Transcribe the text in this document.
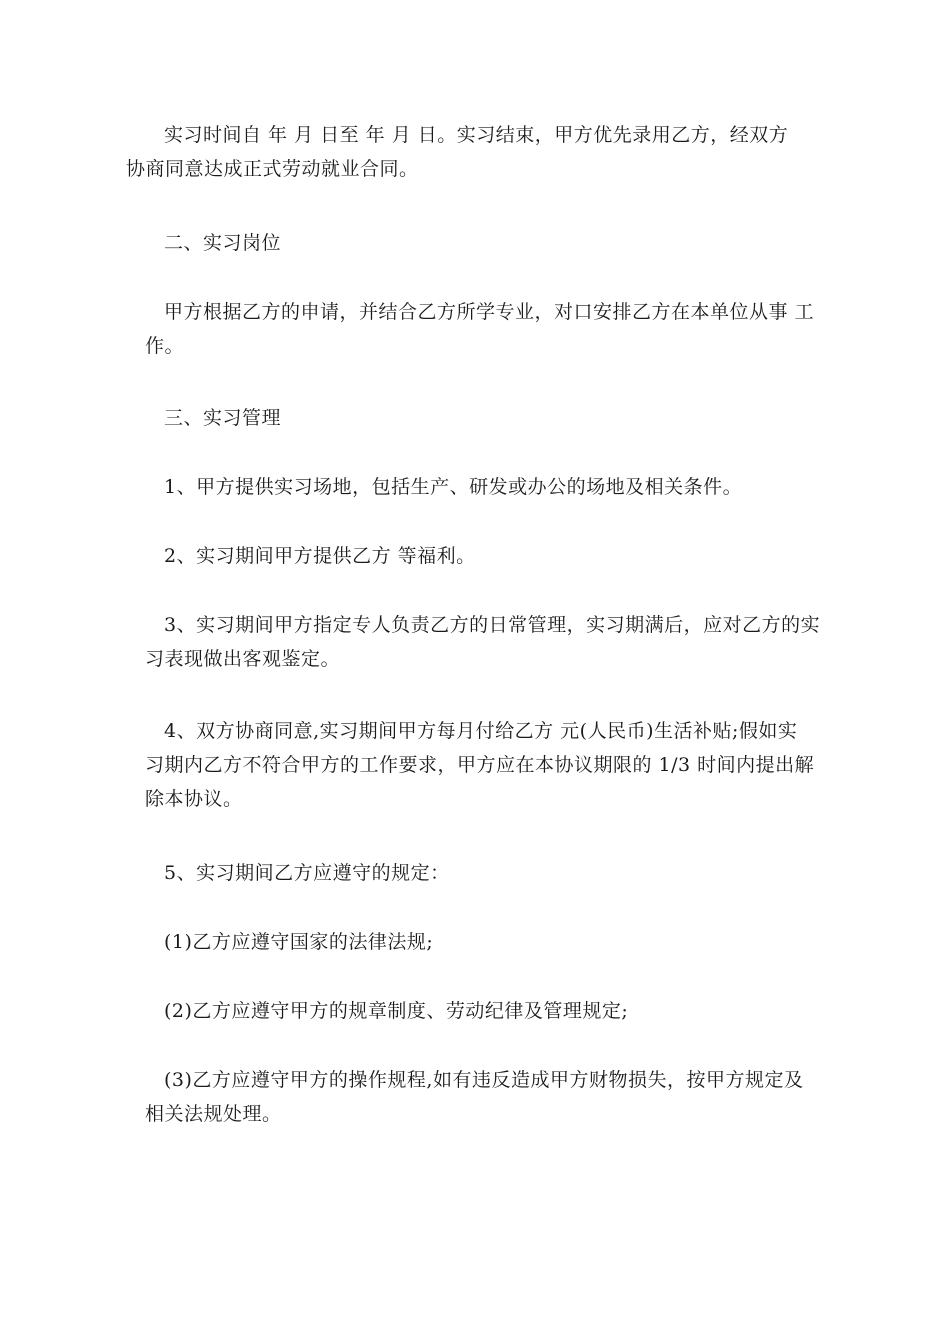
实习时间自 年 月 日至 年 月 日。实习结束，甲方优先录用乙方，经双方
协商同意达成正式劳动就业合同。

二、实习岗位

甲方根据乙方的申请，并结合乙方所学专业，对口安排乙方在本单位从事 工
作。

三、实习管理

1、甲方提供实习场地，包括生产、研发或办公的场地及相关条件。

2、实习期间甲方提供乙方 等福利。

3、实习期间甲方指定专人负责乙方的日常管理，实习期满后，应对乙方的实
习表现做出客观鉴定。

4、双方协商同意,实习期间甲方每月付给乙方 元(人民币)生活补贴;假如实
习期内乙方不符合甲方的工作要求，甲方应在本协议期限的 1/3 时间内提出解
除本协议。

5、实习期间乙方应遵守的规定：

(1)乙方应遵守国家的法律法规;

(2)乙方应遵守甲方的规章制度、劳动纪律及管理规定;

(3)乙方应遵守甲方的操作规程,如有违反造成甲方财物损失，按甲方规定及
相关法规处理。
